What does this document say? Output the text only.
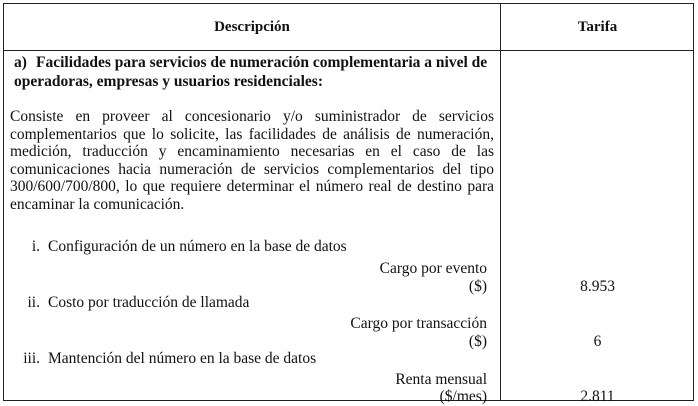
Descripción	Tarifa
a) Facilidades para servicios de numeración complementaria a nivel de operadoras, empresas y usuarios residenciales:
Consiste en proveer al concesionario y/o suministrador de servicios complementarios que lo solicite, las facilidades de análisis de numeración, medición, traducción y encaminamiento necesarias en el caso de las comunicaciones hacia numeración de servicios complementarios del tipo 300/600/700/800, lo que requiere determinar el número real de destino para encaminar la comunicación.
i. Configuración de un número en la base de datos
Cargo por evento
($)	8.953
ii. Costo por traducción de llamada
Cargo por transacción
($)	6
iii. Mantención del número en la base de datos
Renta mensual
($/mes)	2.811
